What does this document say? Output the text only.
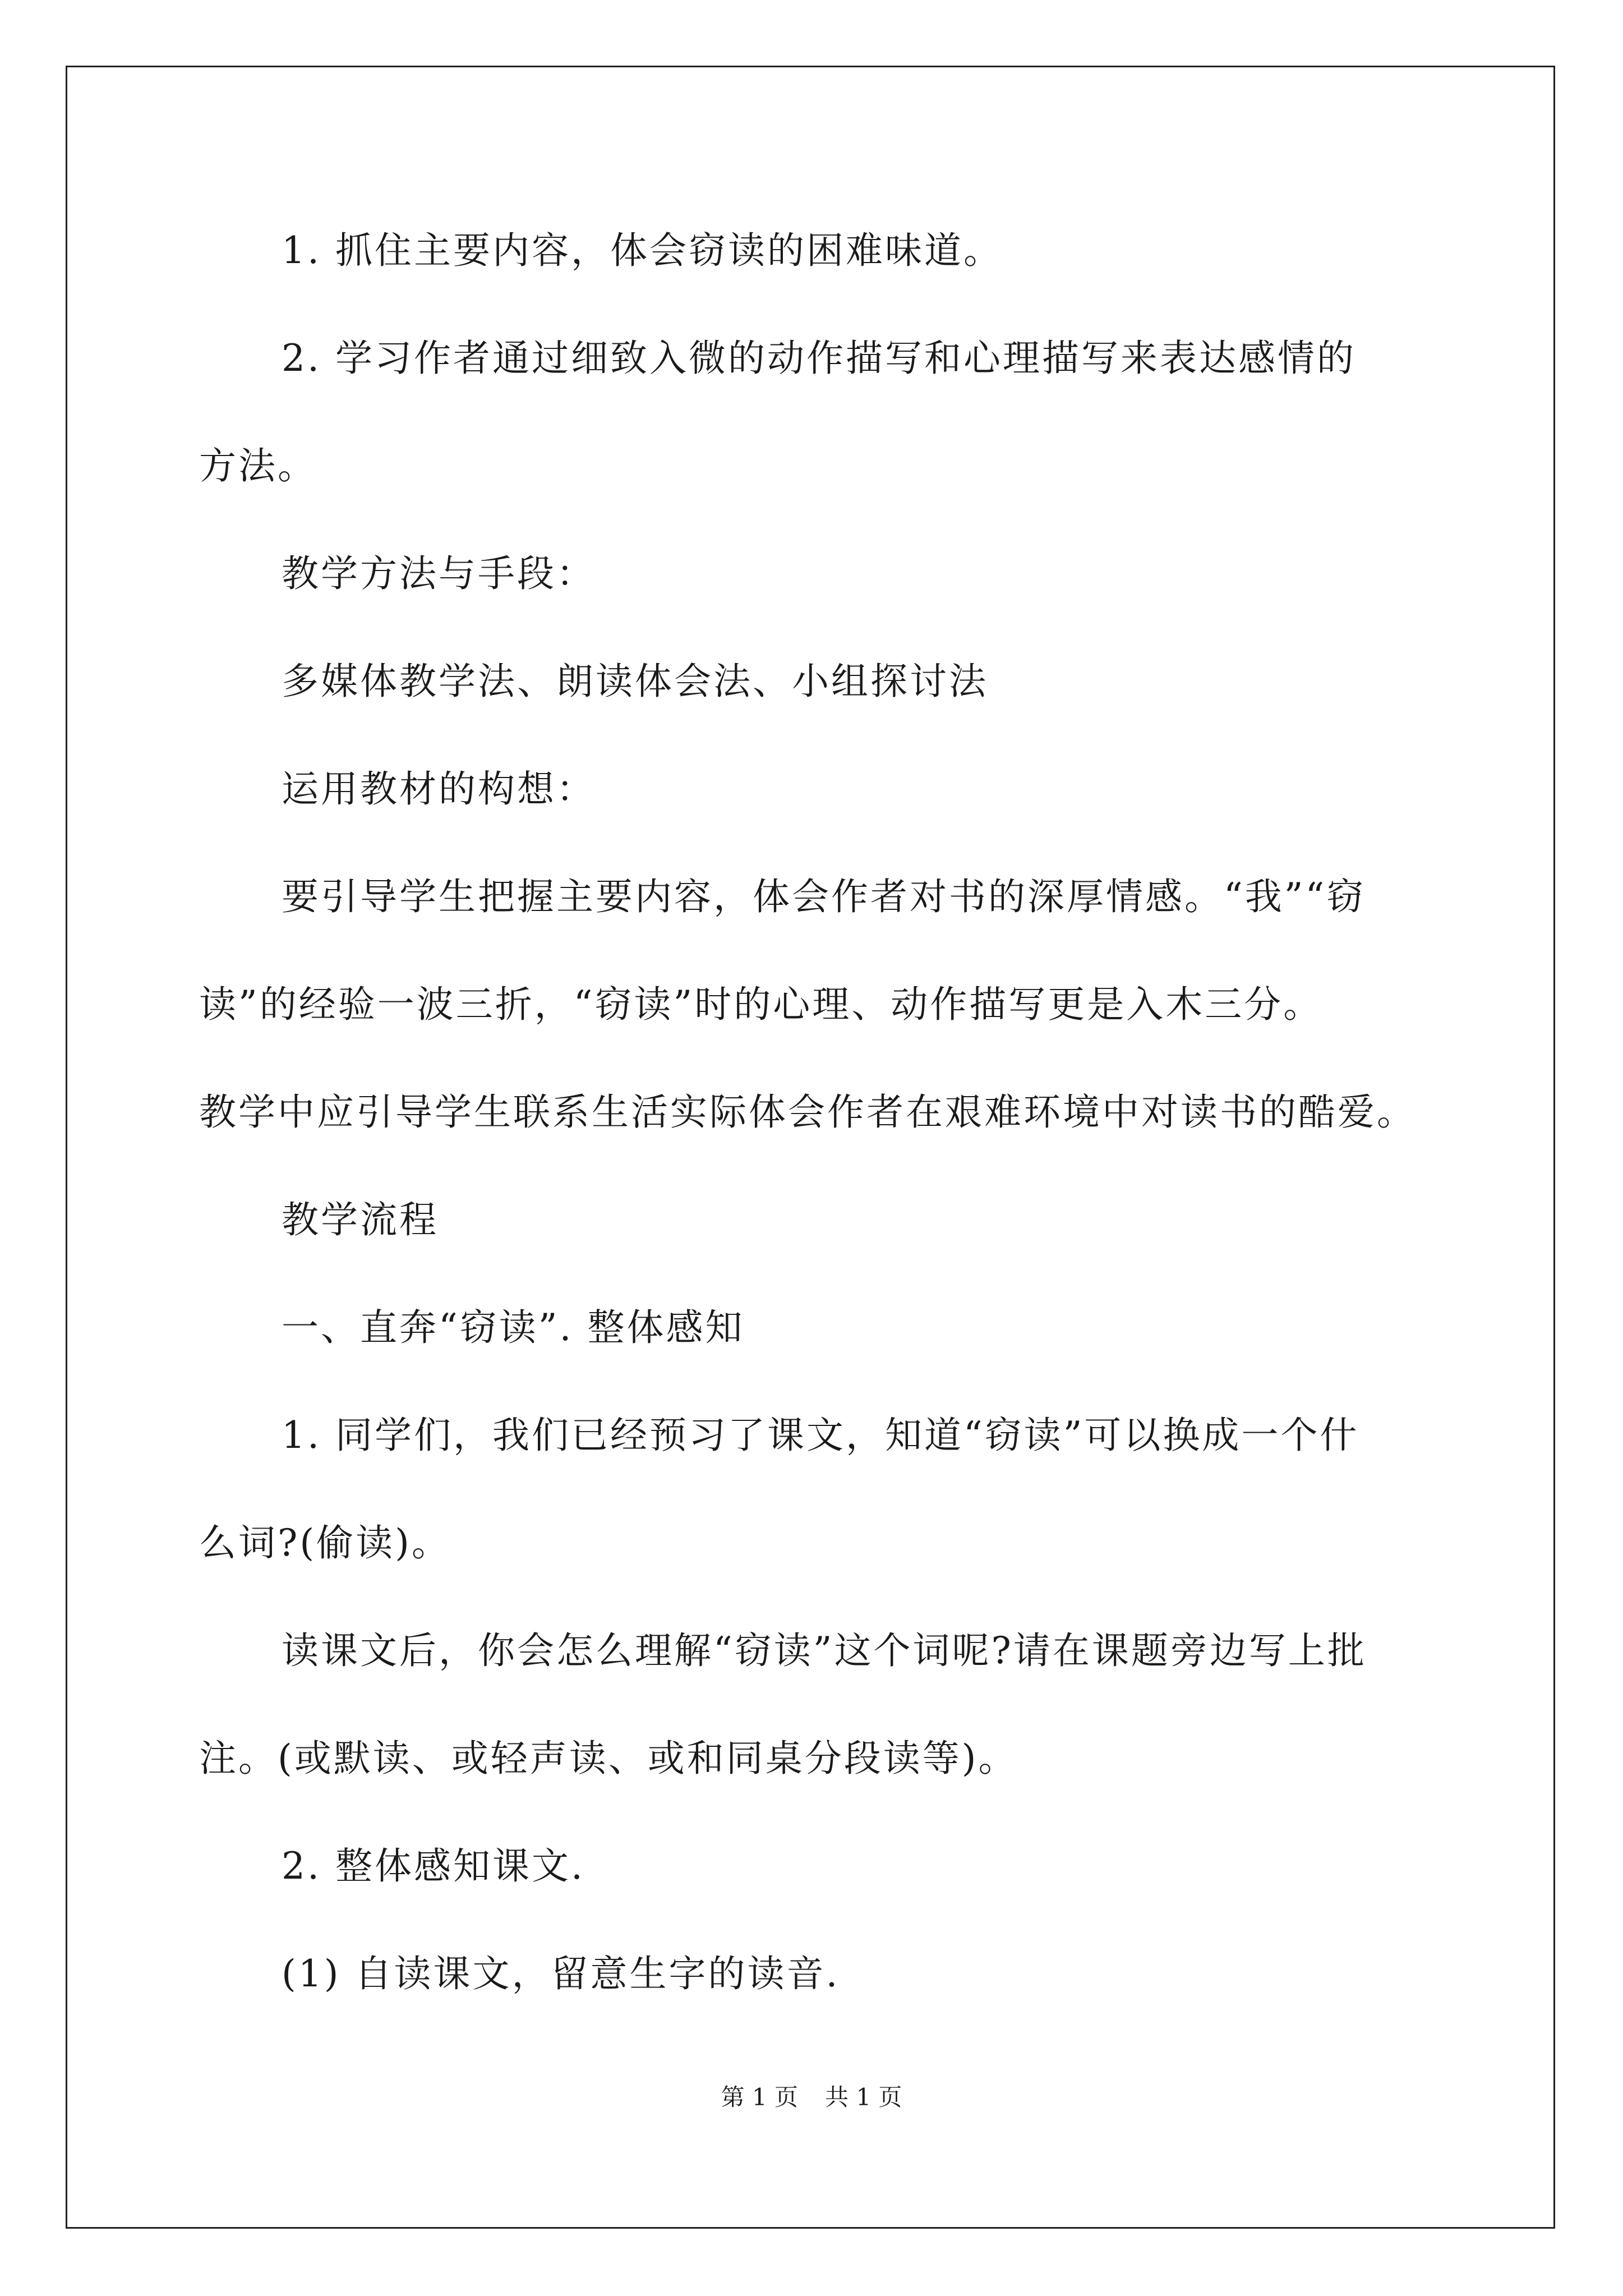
1. 抓住主要内容，体会窃读的困难味道。
2. 学习作者通过细致入微的动作描写和心理描写来表达感情的
方法。
教学方法与手段：
多媒体教学法、朗读体会法、小组探讨法
运用教材的构想：
要引导学生把握主要内容，体会作者对书的深厚情感。“我”“窃
读”的经验一波三折，“窃读”时的心理、动作描写更是入木三分。
教学中应引导学生联系生活实际体会作者在艰难环境中对读书的酷爱。
教学流程
一、直奔“窃读”. 整体感知
1. 同学们，我们已经预习了课文，知道“窃读”可以换成一个什
么词?(偷读)。
读课文后，你会怎么理解“窃读”这个词呢?请在课题旁边写上批
注。(或默读、或轻声读、或和同桌分段读等)。
2. 整体感知课文.
(1) 自读课文，留意生字的读音.
第 1 页 共 1 页
